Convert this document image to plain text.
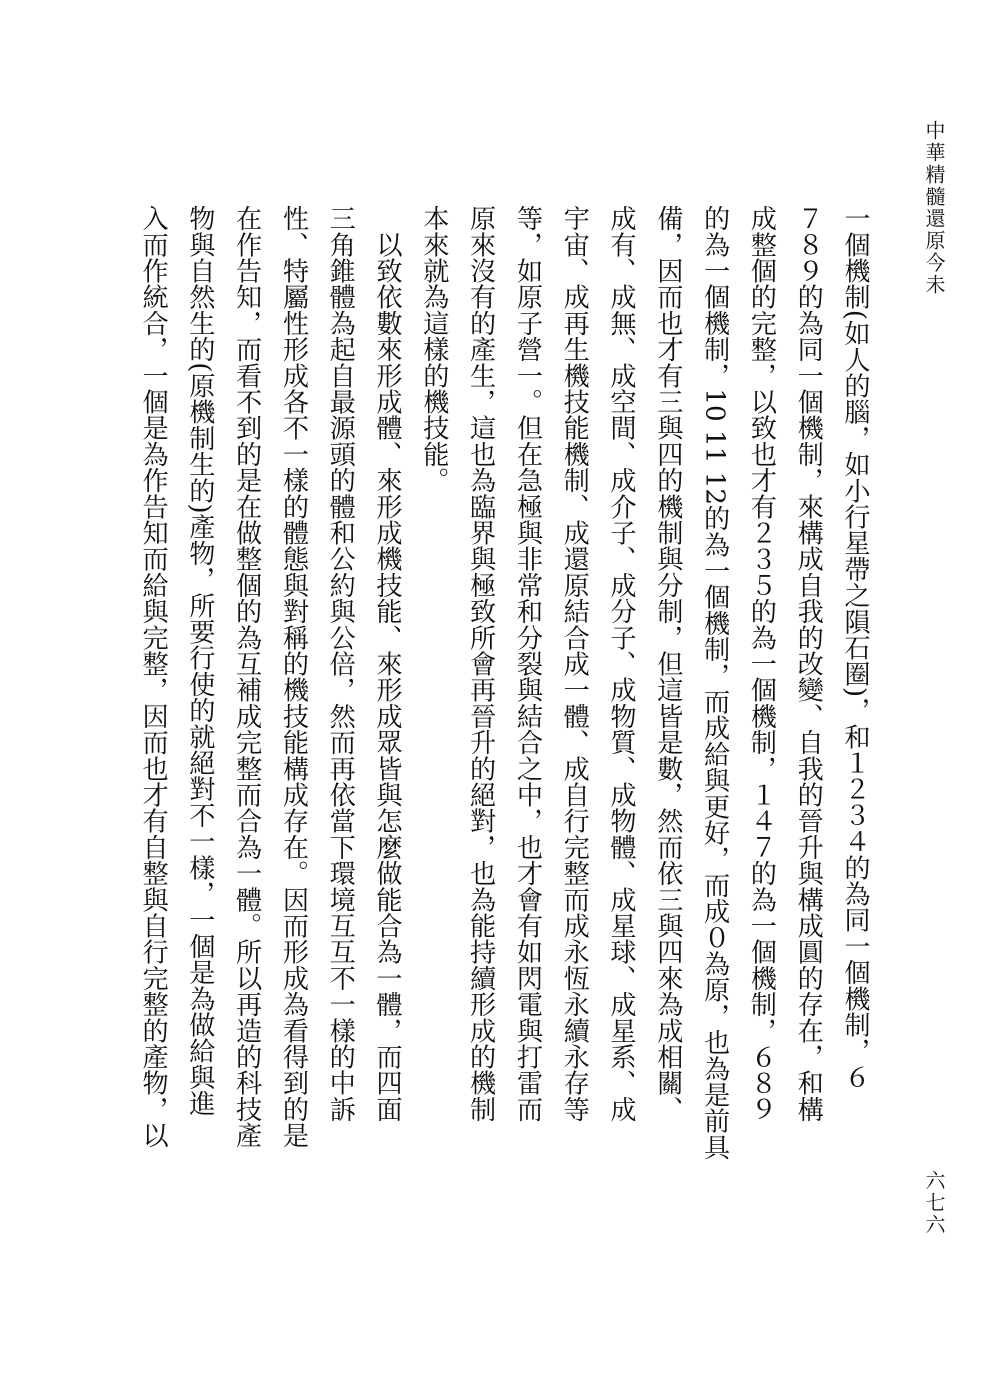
中華精髓還原今未
一個機制(如人的腦，如小行星帶之隕石圈)，和１２３４的為同一個機制，６
７８９的為同一個機制，來構成自我的改變、自我的晉升與構成圓的存在，和構
成整個的完整，以致也才有２３５的為一個機制，１４７的為一個機制，６８９
的為一個機制，10 11 12的為一個機制，而成給與更好，而成０為原，也為是前具
備，因而也才有三與四的機制與分制，但這皆是數，然而依三與四來為成相關、
成有、成無、成空間、成介子、成分子、成物質、成物體、成星球、成星系、成
宇宙、成再生機技能機制、成還原結合成一體、成自行完整而成永恆永續永存等
等，如原子營一。但在急極與非常和分裂與結合之中，也才會有如閃電與打雷而
原來沒有的產生，這也為臨界與極致所會再晉升的絕對，也為能持續形成的機制
本來就為這樣的機技能。
　以致依數來形成體、來形成機技能、來形成眾皆與怎麼做能合為一體，而四面
三角錐體為起自最源頭的體和公約與公倍，然而再依當下環境互互不一樣的中訴
性、特屬性形成各不一樣的體態與對稱的機技能構成存在。因而形成為看得到的是
在作告知，而看不到的是在做整個的為互補成完整而合為一體。所以再造的科技產
物與自然生的(原機制生的)產物，所要行使的就絕對不一樣，一個是為做給與進
入而作統合，一個是為作告知而給與完整，因而也才有自整與自行完整的產物，以
六七六
